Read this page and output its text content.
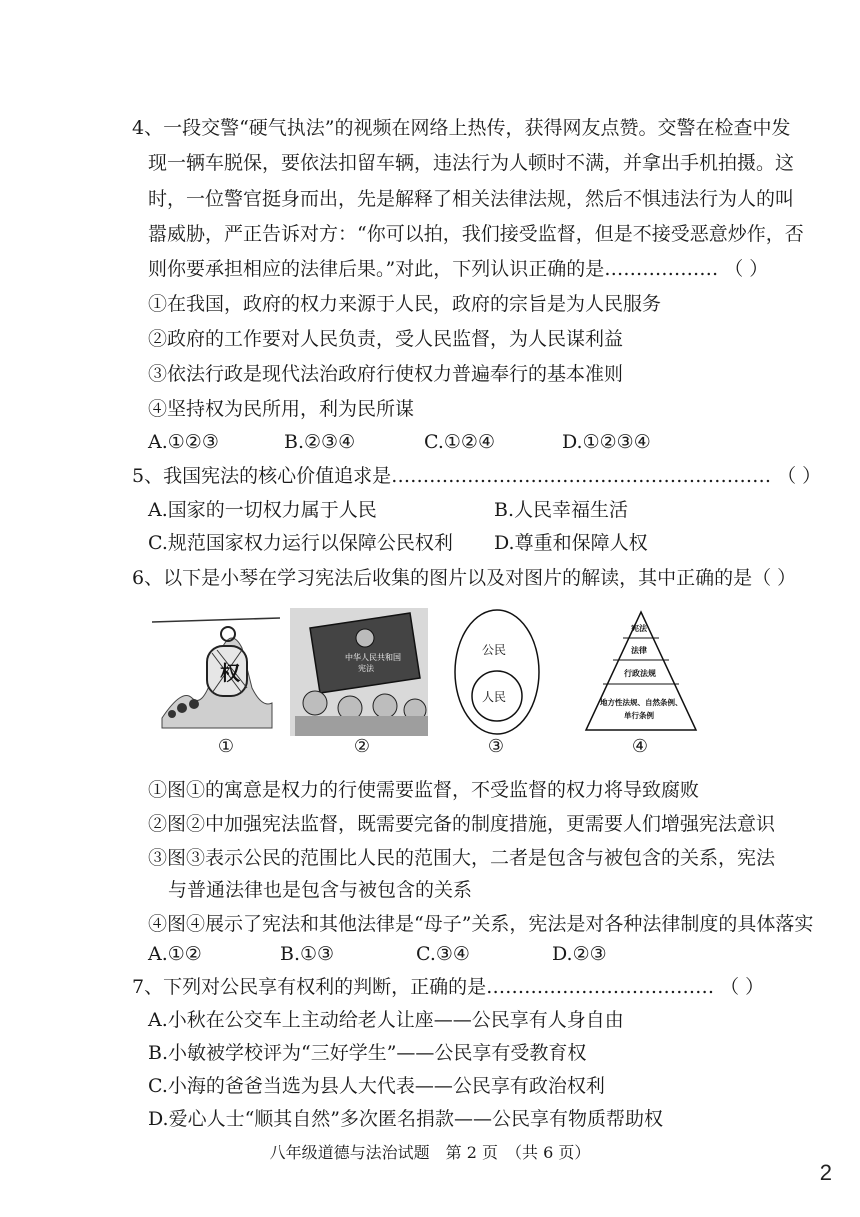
4、一段交警“硬气执法”的视频在网络上热传，获得网友点赞。交警在检查中发
现一辆车脱保，要依法扣留车辆，违法行为人顿时不满，并拿出手机拍摄。这
时，一位警官挺身而出，先是解释了相关法律法规，然后不惧违法行为人的叫
嚣威胁，严正告诉对方：“你可以拍，我们接受监督，但是不接受恶意炒作，否
则你要承担相应的法律后果。”对此，下列认识正确的是……………… （ ）
①在我国，政府的权力来源于人民，政府的宗旨是为人民服务
②政府的工作要对人民负责，受人民监督，为人民谋利益
③依法行政是现代法治政府行使权力普遍奉行的基本准则
④坚持权为民所用，利为民所谋
A.①②③	B.②③④	C.①②④	D.①②③④
5、我国宪法的核心价值追求是…………………………………………………… （ ）
A.国家的一切权力属于人民	B.人民幸福生活
C.规范国家权力运行以保障公民权利 D.尊重和保障人权
6、以下是小琴在学习宪法后收集的图片以及对图片的解读，其中正确的是（ ）
权
中华人民共和国
宪法
公民
人民
宪法
法律
行政法规
地方性法规、自然条例、
单行条例
①	②	③	④
①图①的寓意是权力的行使需要监督，不受监督的权力将导致腐败
②图②中加强宪法监督，既需要完备的制度措施，更需要人们增强宪法意识
③图③表示公民的范围比人民的范围大，二者是包含与被包含的关系，宪法
与普通法律也是包含与被包含的关系
④图④展示了宪法和其他法律是“母子”关系，宪法是对各种法律制度的具体落实
A.①②	B.①③	C.③④	D.②③
7、下列对公民享有权利的判断，正确的是……………………………… （ ）
A.小秋在公交车上主动给老人让座——公民享有人身自由
B.小敏被学校评为“三好学生”——公民享有受教育权
C.小海的爸爸当选为县人大代表——公民享有政治权利
D.爱心人士“顺其自然”多次匿名捐款——公民享有物质帮助权
八年级道德与法治试题　第 2 页　（共 6 页）
2
